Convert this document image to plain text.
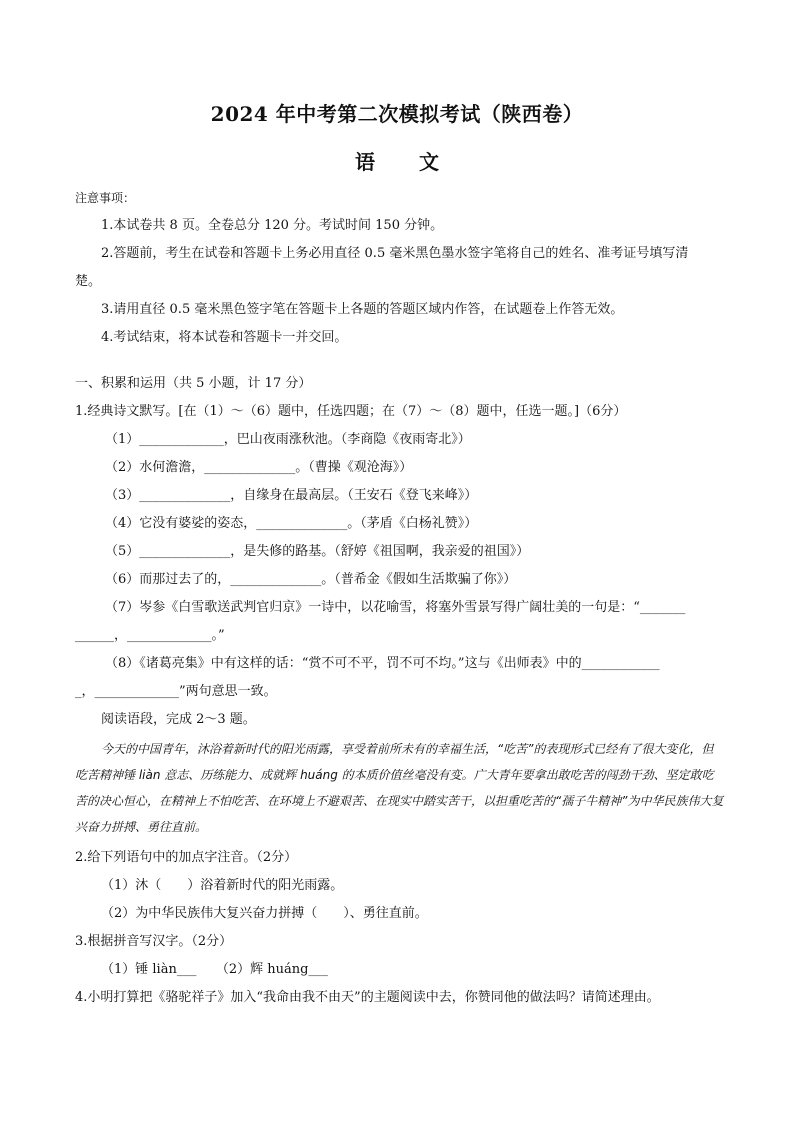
2024 年中考第二次模拟考试（陕西卷）
语 文
注意事项：
1.本试卷共 8 页。全卷总分 120 分。考试时间 150 分钟。
2.答题前，考生在试卷和答题卡上务必用直径 0.5 毫米黑色墨水签字笔将自己的姓名、准考证号填写清
楚。
3.请用直径 0.5 毫米黑色签字笔在答题卡上各题的答题区域内作答，在试题卷上作答无效。
4.考试结束，将本试卷和答题卡一并交回。
一、积累和运用（共 5 小题，计 17 分）
1.经典诗文默写。[在（1）～（6）题中，任选四题；在（7）～（8）题中，任选一题。]（6分）
（1）_____________，巴山夜雨涨秋池。（李商隐《夜雨寄北》）
（2）水何澹澹，______________。（曹操《观沧海》）
（3）______________，自缘身在最高层。（王安石《登飞来峰》）
（4）它没有婆娑的姿态，______________。（茅盾《白杨礼赞》）
（5）______________，是失修的路基。（舒婷《祖国啊，我亲爱的祖国》）
（6）而那过去了的，______________。（普希金《假如生活欺骗了你》）
（7）岑参《白雪歌送武判官归京》一诗中，以花喻雪，将塞外雪景写得广阔壮美的一句是：“_______
______，_____________。”
（8）《诸葛亮集》中有这样的话：“赏不可不平，罚不可不均。”这与《出师表》中的____________
_，_____________”两句意思一致。
阅读语段，完成 2～3 题。
今天的中国青年，沐浴着新时代的阳光雨露，享受着前所未有的幸福生活，“吃苦”的表现形式已经有了很大变化，但吃苦精神锤 liàn 意志、历练能力、成就辉 huáng 的本质价值丝毫没有变。广大青年要拿出敢吃苦的闯劲干劲、坚定敢吃苦的决心恒心，在精神上不怕吃苦、在环境上不避艰苦、在现实中踏实苦干，以担重吃苦的“孺子牛精神”为中华民族伟大复兴奋力拼搏、勇往直前。
2.给下列语句中的加点字注音。（2分）
（1）沐（　　）浴着新时代的阳光雨露。
（2）为中华民族伟大复兴奋力拼搏（　　）、勇往直前。
3.根据拼音写汉字。（2分）
（1）锤 liàn___　　（2）辉 huáng___
4.小明打算把《骆驼祥子》加入“我命由我不由天”的主题阅读中去，你赞同他的做法吗？请简述理由。
